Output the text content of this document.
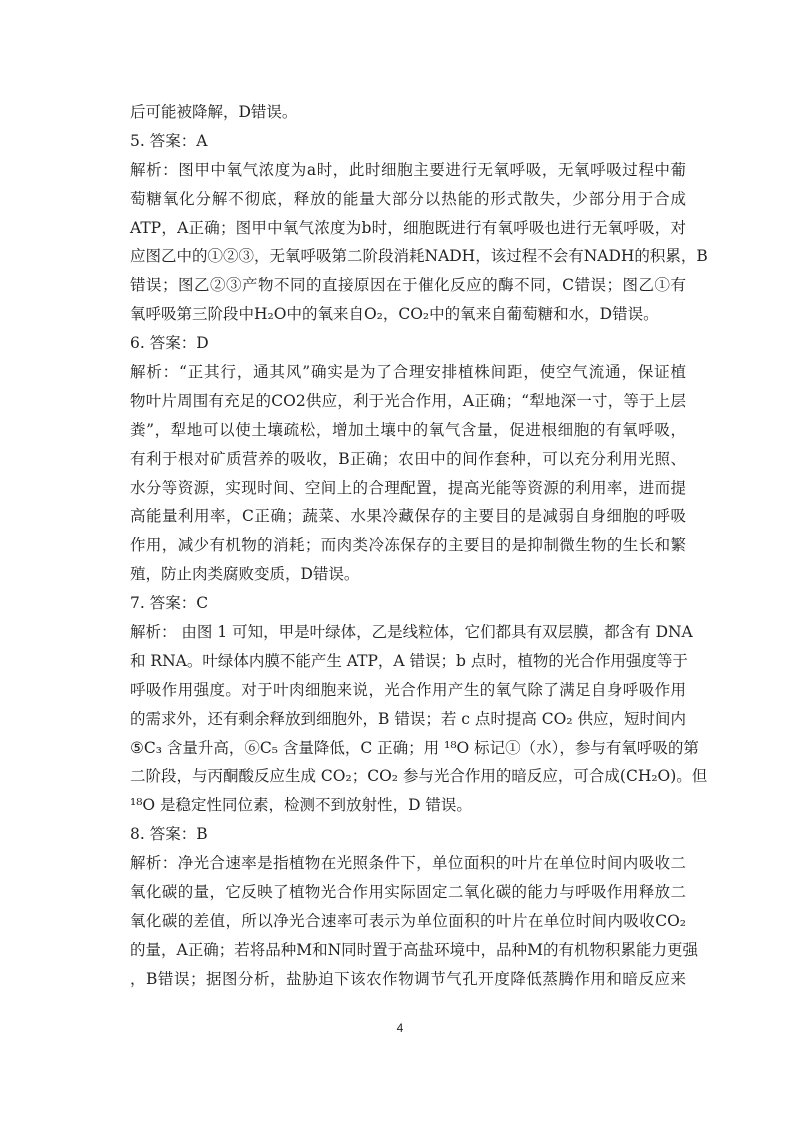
后可能被降解，D错误。
5. 答案：A
解析：图甲中氧气浓度为a时，此时细胞主要进行无氧呼吸，无氧呼吸过程中葡
萄糖氧化分解不彻底，释放的能量大部分以热能的形式散失，少部分用于合成
ATP，A正确；图甲中氧气浓度为b时，细胞既进行有氧呼吸也进行无氧呼吸，对
应图乙中的①②③，无氧呼吸第二阶段消耗NADH，该过程不会有NADH的积累，B
错误；图乙②③产物不同的直接原因在于催化反应的酶不同，C错误；图乙①有
氧呼吸第三阶段中H₂O中的氧来自O₂，CO₂中的氧来自葡萄糖和水，D错误。
6. 答案：D
解析：“正其行，通其风”确实是为了合理安排植株间距，使空气流通，保证植
物叶片周围有充足的CO2供应，利于光合作用，A正确；“犁地深一寸，等于上层
粪”，犁地可以使土壤疏松，增加土壤中的氧气含量，促进根细胞的有氧呼吸，
有利于根对矿质营养的吸收，B正确；农田中的间作套种，可以充分利用光照、
水分等资源，实现时间、空间上的合理配置，提高光能等资源的利用率，进而提
高能量利用率，C正确；蔬菜、水果冷藏保存的主要目的是减弱自身细胞的呼吸
作用，减少有机物的消耗；而肉类冷冻保存的主要目的是抑制微生物的生长和繁
殖，防止肉类腐败变质，D错误。
7. 答案：C
解析： 由图 1 可知，甲是叶绿体，乙是线粒体，它们都具有双层膜，都含有 DNA
和 RNA。叶绿体内膜不能产生 ATP，A 错误；b 点时，植物的光合作用强度等于
呼吸作用强度。对于叶肉细胞来说，光合作用产生的氧气除了满足自身呼吸作用
的需求外，还有剩余释放到细胞外，B 错误；若 c 点时提高 CO₂ 供应，短时间内
⑤C₃ 含量升高，⑥C₅ 含量降低，C 正确；用 ¹⁸O 标记①（水），参与有氧呼吸的第
二阶段，与丙酮酸反应生成 CO₂；CO₂ 参与光合作用的暗反应，可合成(CH₂O)。但
¹⁸O 是稳定性同位素，检测不到放射性，D 错误。
8. 答案：B
解析：净光合速率是指植物在光照条件下，单位面积的叶片在单位时间内吸收二
氧化碳的量，它反映了植物光合作用实际固定二氧化碳的能力与呼吸作用释放二
氧化碳的差值，所以净光合速率可表示为单位面积的叶片在单位时间内吸收CO₂
的量，A正确；若将品种M和N同时置于高盐环境中，品种M的有机物积累能力更强
，B错误；据图分析，盐胁迫下该农作物调节气孔开度降低蒸腾作用和暗反应来
4
